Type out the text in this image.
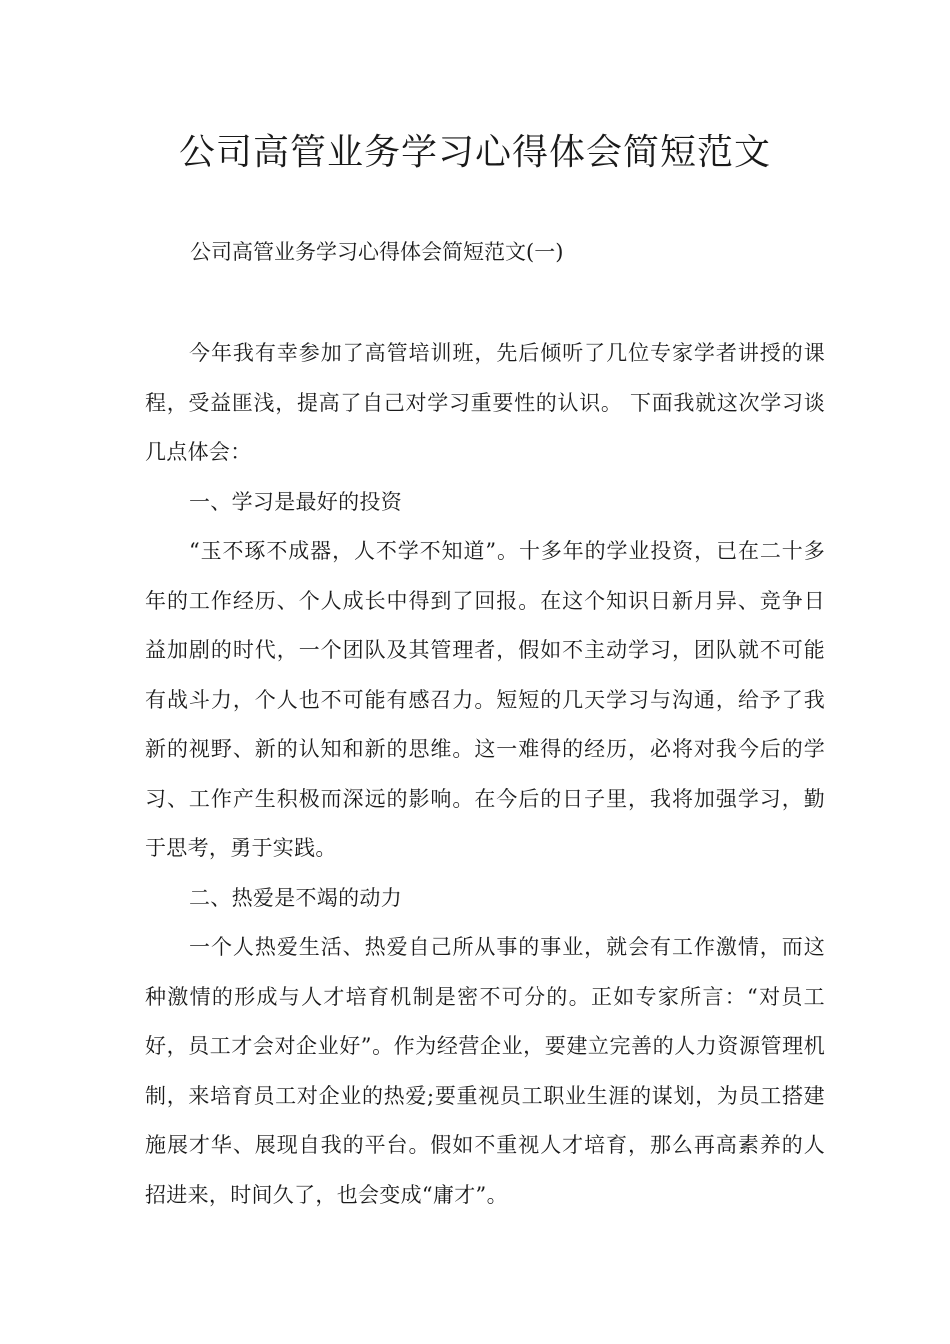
公司高管业务学习心得体会简短范文

公司高管业务学习心得体会简短范文(一)

今年我有幸参加了高管培训班，先后倾听了几位专家学者讲授的课程，受益匪浅，提高了自己对学习重要性的认识。 下面我就这次学习谈几点体会：

一、学习是最好的投资

“玉不琢不成器，人不学不知道”。十多年的学业投资，已在二十多年的工作经历、个人成长中得到了回报。在这个知识日新月异、竞争日益加剧的时代，一个团队及其管理者，假如不主动学习，团队就不可能有战斗力，个人也不可能有感召力。短短的几天学习与沟通，给予了我新的视野、新的认知和新的思维。这一难得的经历，必将对我今后的学习、工作产生积极而深远的影响。在今后的日子里，我将加强学习，勤于思考，勇于实践。

二、热爱是不竭的动力

一个人热爱生活、热爱自己所从事的事业，就会有工作激情，而这种激情的形成与人才培育机制是密不可分的。正如专家所言：“对员工好，员工才会对企业好”。作为经营企业，要建立完善的人力资源管理机制，来培育员工对企业的热爱;要重视员工职业生涯的谋划，为员工搭建施展才华、展现自我的平台。假如不重视人才培育，那么再高素养的人招进来，时间久了，也会变成“庸才”。
